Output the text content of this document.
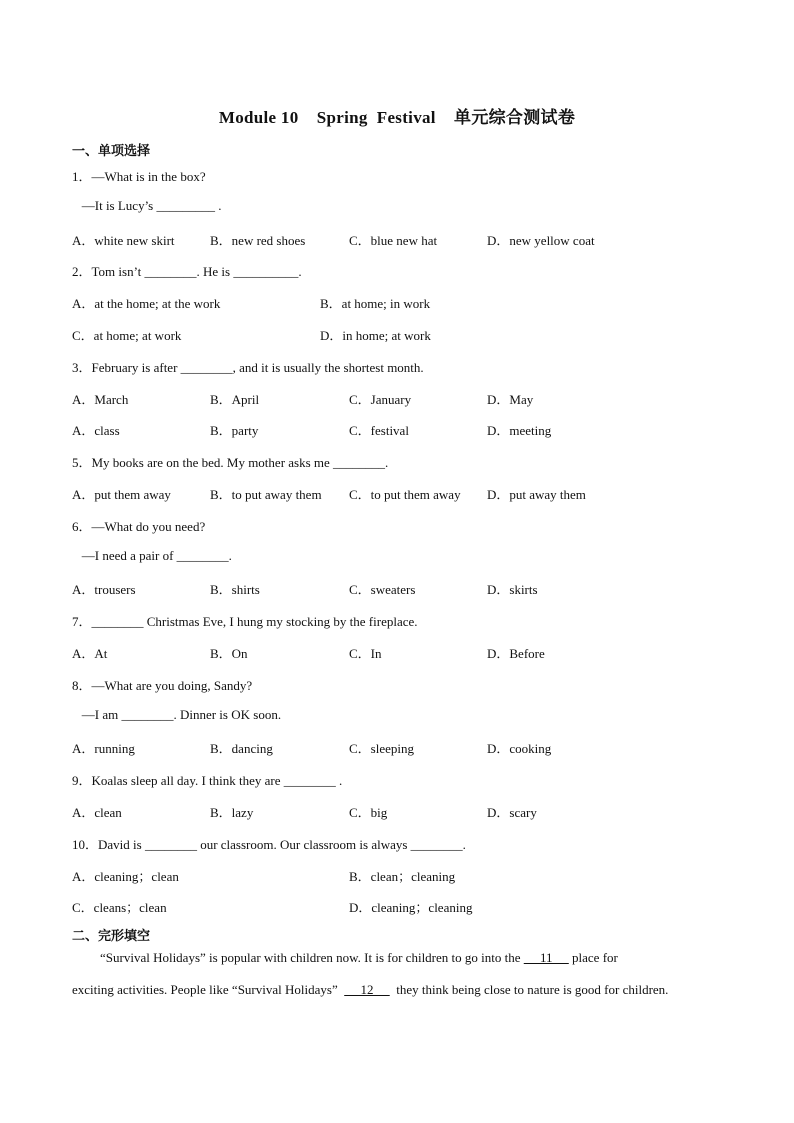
Module 10    Spring  Festival    单元综合测试卷
一、单项选择
1．—What is in the box?
—It is Lucy’s _________ .
A．white new skirt	B．new red shoes	C．blue new hat	D．new yellow coat
2．Tom isn’t ________. He is __________.
A．at the home; at the work	B．at home; in work
C．at home; at work	D．in home; at work
3．February is after ________, and it is usually the shortest month.
A．March	B．April	C．January	D．May
A．class	B．party	C．festival	D．meeting
5．My books are on the bed. My mother asks me ________.
A．put them away	B．to put away them C．to put them away D．put away them
6．—What do you need?
—I need a pair of ________.
A．trousers	B．shirts	C．sweaters	D．skirts
7．________ Christmas Eve, I hung my stocking by the fireplace.
A．At	B．On	C．In	D．Before
8．—What are you doing, Sandy?
—I am ________. Dinner is OK soon.
A．running	B．dancing	C．sleeping	D．cooking
9．Koalas sleep all day. I think they are ________ .
A．clean	B．lazy	C．big	D．scary
10．David is ________ our classroom. Our classroom is always ________.
A．cleaning；clean	B．clean；cleaning
C．cleans；clean	D．cleaning；cleaning
二、完形填空
“Survival Holidays” is popular with children now. It is for children to go into the      11      place for
exciting activities. People like “Survival Holidays”       12       they think being close to nature is good for children.
